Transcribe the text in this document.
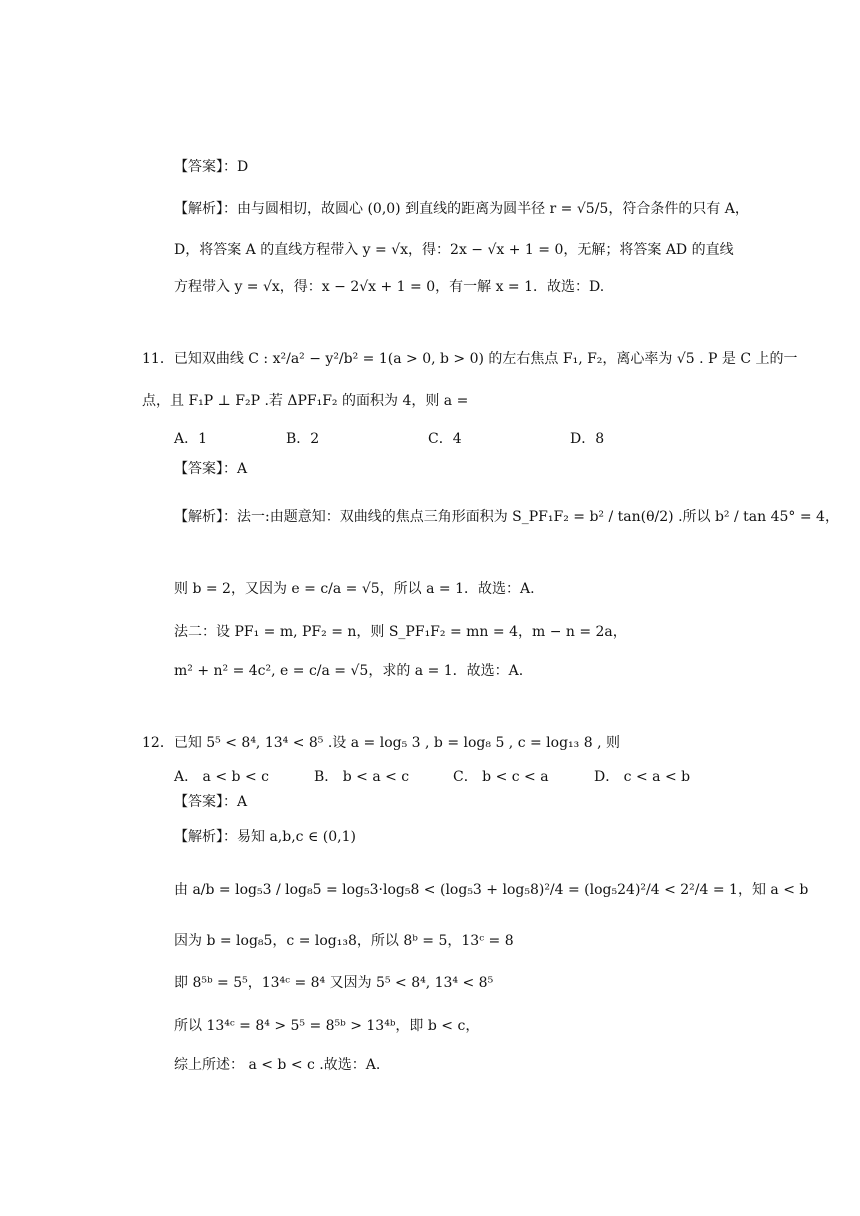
【答案】：D
【解析】：由与圆相切，故圆心 (0,0) 到直线的距离为圆半径 r = √5/5，符合条件的只有 A，
D，将答案 A 的直线方程带入 y = √x，得：2x − √x + 1 = 0，无解；将答案 AD 的直线
方程带入 y = √x，得：x − 2√x + 1 = 0，有一解 x = 1．故选：D.
11．已知双曲线 C : x²/a² − y²/b² = 1(a > 0, b > 0) 的左右焦点 F₁, F₂，离心率为 √5 . P 是 C 上的一
点，且 F₁P ⊥ F₂P .若 ΔPF₁F₂ 的面积为 4，则 a =
A．1	B．2	C．4	D．8
【答案】：A
【解析】：法一:由题意知：双曲线的焦点三角形面积为 S_PF₁F₂ = b² / tan(θ/2) .所以 b² / tan 45° = 4，
则 b = 2，又因为 e = c/a = √5，所以 a = 1．故选：A.
法二：设 PF₁ = m, PF₂ = n，则 S_PF₁F₂ = mn = 4，m − n = 2a，
m² + n² = 4c², e = c/a = √5，求的 a = 1．故选：A.
12．已知 5⁵ < 8⁴, 13⁴ < 8⁵ .设 a = log₅ 3 , b = log₈ 5 , c = log₁₃ 8 , 则
A． a < b < c	B． b < a < c	C． b < c < a	D． c < a < b
【答案】：A
【解析】：易知 a,b,c ∈ (0,1)
由 a/b = log₅3 / log₈5 = log₅3·log₅8 < (log₅3 + log₅8)²/4 = (log₅24)²/4 < 2²/4 = 1，知 a < b
因为 b = log₈5，c = log₁₃8，所以 8ᵇ = 5，13ᶜ = 8
即 8⁵ᵇ = 5⁵，13⁴ᶜ = 8⁴ 又因为 5⁵ < 8⁴, 13⁴ < 8⁵
所以 13⁴ᶜ = 8⁴ > 5⁵ = 8⁵ᵇ > 13⁴ᵇ，即 b < c，
综上所述： a < b < c .故选：A.
